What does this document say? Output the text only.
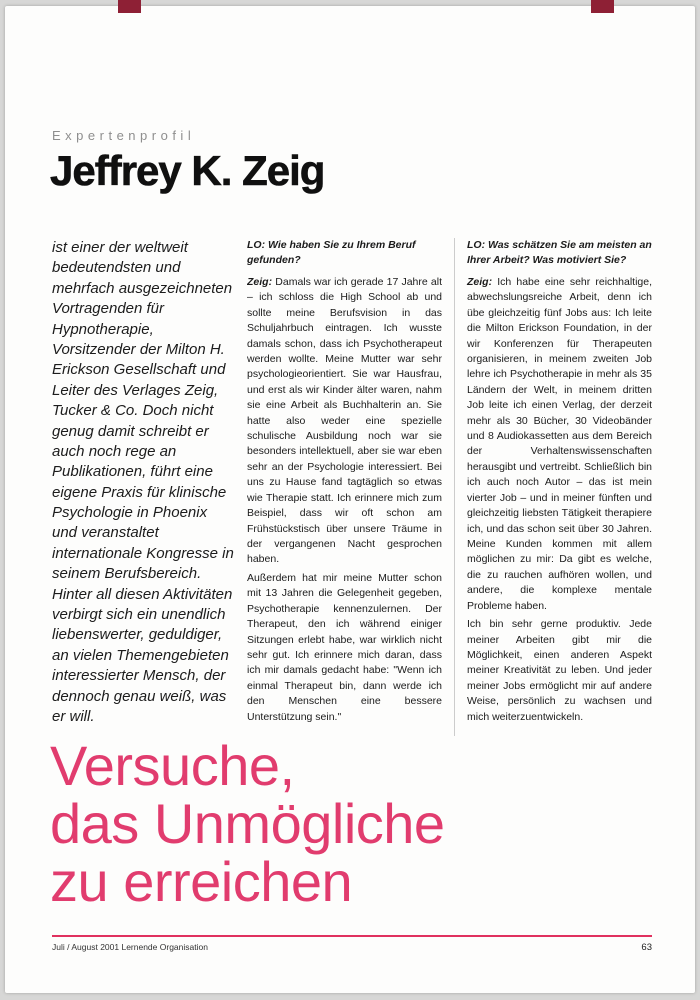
Expertenprofil
Jeffrey K. Zeig
ist einer der weltweit bedeutendsten und mehrfach ausgezeichneten Vortragenden für Hypnotherapie, Vorsitzender der Milton H. Erickson Gesellschaft und Leiter des Verlages Zeig, Tucker & Co. Doch nicht genug damit schreibt er auch noch rege an Publikationen, führt eine eigene Praxis für klinische Psychologie in Phoenix und veranstaltet internationale Kongresse in seinem Berufsbereich. Hinter all diesen Aktivitäten verbirgt sich ein unendlich liebenswerter, geduldiger, an vielen Themengebieten interessierter Mensch, der dennoch genau weiß, was er will.

LO: Wie haben Sie zu Ihrem Beruf gefunden?

Zeig: Damals war ich gerade 17 Jahre alt – ich schloss die High School ab und sollte meine Berufsvision in das Schuljahrbuch eintragen. Ich wusste damals schon, dass ich Psychotherapeut werden wollte. Meine Mutter war sehr psychologieorientiert. Sie war Hausfrau, und erst als wir Kinder älter waren, nahm sie eine Arbeit als Buchhalterin an. Sie hatte also weder eine spezielle schulische Ausbildung noch war sie besonders intellektuell, aber sie war eben sehr an der Psychologie interessiert. Bei uns zu Hause fand tagtäglich so etwas wie Therapie statt. Ich erinnere mich zum Beispiel, dass wir oft schon am Frühstückstisch über unsere Träume in der vergangenen Nacht gesprochen haben.

Außerdem hat mir meine Mutter schon mit 13 Jahren die Gelegenheit gegeben, Psychotherapie kennenzulernen. Der Therapeut, den ich während einiger Sitzungen erlebt habe, war wirklich nicht sehr gut. Ich erinnere mich daran, dass ich mir damals gedacht habe: "Wenn ich einmal Therapeut bin, dann werde ich den Menschen eine bessere Unterstützung sein."

LO: Was schätzen Sie am meisten an Ihrer Arbeit? Was motiviert Sie?

Zeig: Ich habe eine sehr reichhaltige, abwechslungsreiche Arbeit, denn ich übe gleichzeitig fünf Jobs aus: Ich leite die Milton Erickson Foundation, in der wir Konferenzen für Therapeuten organisieren, in meinem zweiten Job lehre ich Psychotherapie in mehr als 35 Ländern der Welt, in meinem dritten Job leite ich einen Verlag, der derzeit mehr als 30 Bücher, 30 Videobänder und 8 Audiokassetten aus dem Bereich der Verhaltenswissenschaften herausgibt und vertreibt. Schließlich bin ich auch noch Autor – das ist mein vierter Job – und in meiner fünften und gleichzeitig liebsten Tätigkeit therapiere ich, und das schon seit über 30 Jahren. Meine Kunden kommen mit allem möglichen zu mir: Da gibt es welche, die zu rauchen aufhören wollen, und andere, die komplexe mentale Probleme haben.

Ich bin sehr gerne produktiv. Jede meiner Arbeiten gibt mir die Möglichkeit, einen anderen Aspekt meiner Kreativität zu leben. Und jeder meiner Jobs ermöglicht mir auf andere Weise, persönlich zu wachsen und mich weiterzuentwickeln.

Versuche,
das Unmögliche
zu erreichen
Juli / August 2001 Lernende Organisation	63
